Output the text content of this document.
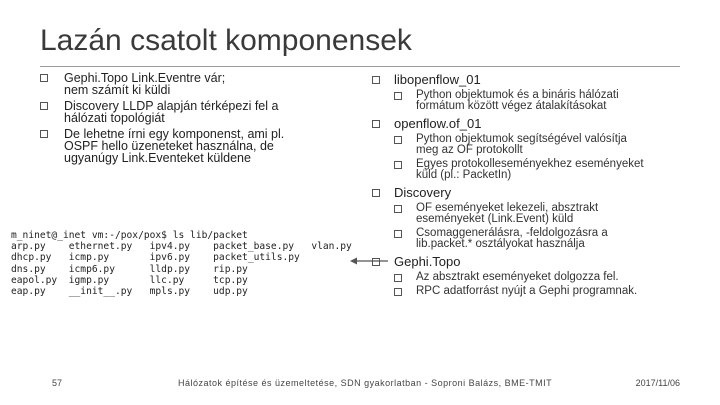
Lazán csatolt komponensek
Gephi.Topo Link.Eventre vár;
nem számít ki küldi
Discovery LLDP alapján térképezi fel a
hálózati topológiát
De lehetne írni egy komponenst, ami pl.
OSPF hello üzeneteket használna, de
ugyanúgy Link.Eventeket küldene
m_ninet@_inet vm:-/pox/pox$ ls lib/packet
arp.py    ethernet.py   ipv4.py    packet_base.py   vlan.py
dhcp.py   icmp.py       ipv6.py    packet_utils.py
dns.py    icmp6.py      lldp.py    rip.py
eapol.py  igmp.py       llc.py     tcp.py
eap.py    __init__.py   mpls.py    udp.py
libopenflow_01
Python objektumok és a bináris hálózati
formátum között végez átalakításokat
openflow.of_01
Python objektumok segítségével valósítja
meg az OF protokollt
Egyes protokolleseményekhez eseményeket
küld (pl.: PacketIn)
Discovery
OF eseményeket lekezeli, absztrakt
eseményeket (Link.Event) küld
Csomaggenerálásra, -feldolgozásra a
lib.packet.* osztályokat használja
Gephi.Topo
Az absztrakt eseményeket dolgozza fel.
RPC adatforrást nyújt a Gephi programnak.
57	Hálózatok építése és üzemeltetése, SDN gyakorlatban - Soproni Balázs, BME-TMIT	2017/11/06
